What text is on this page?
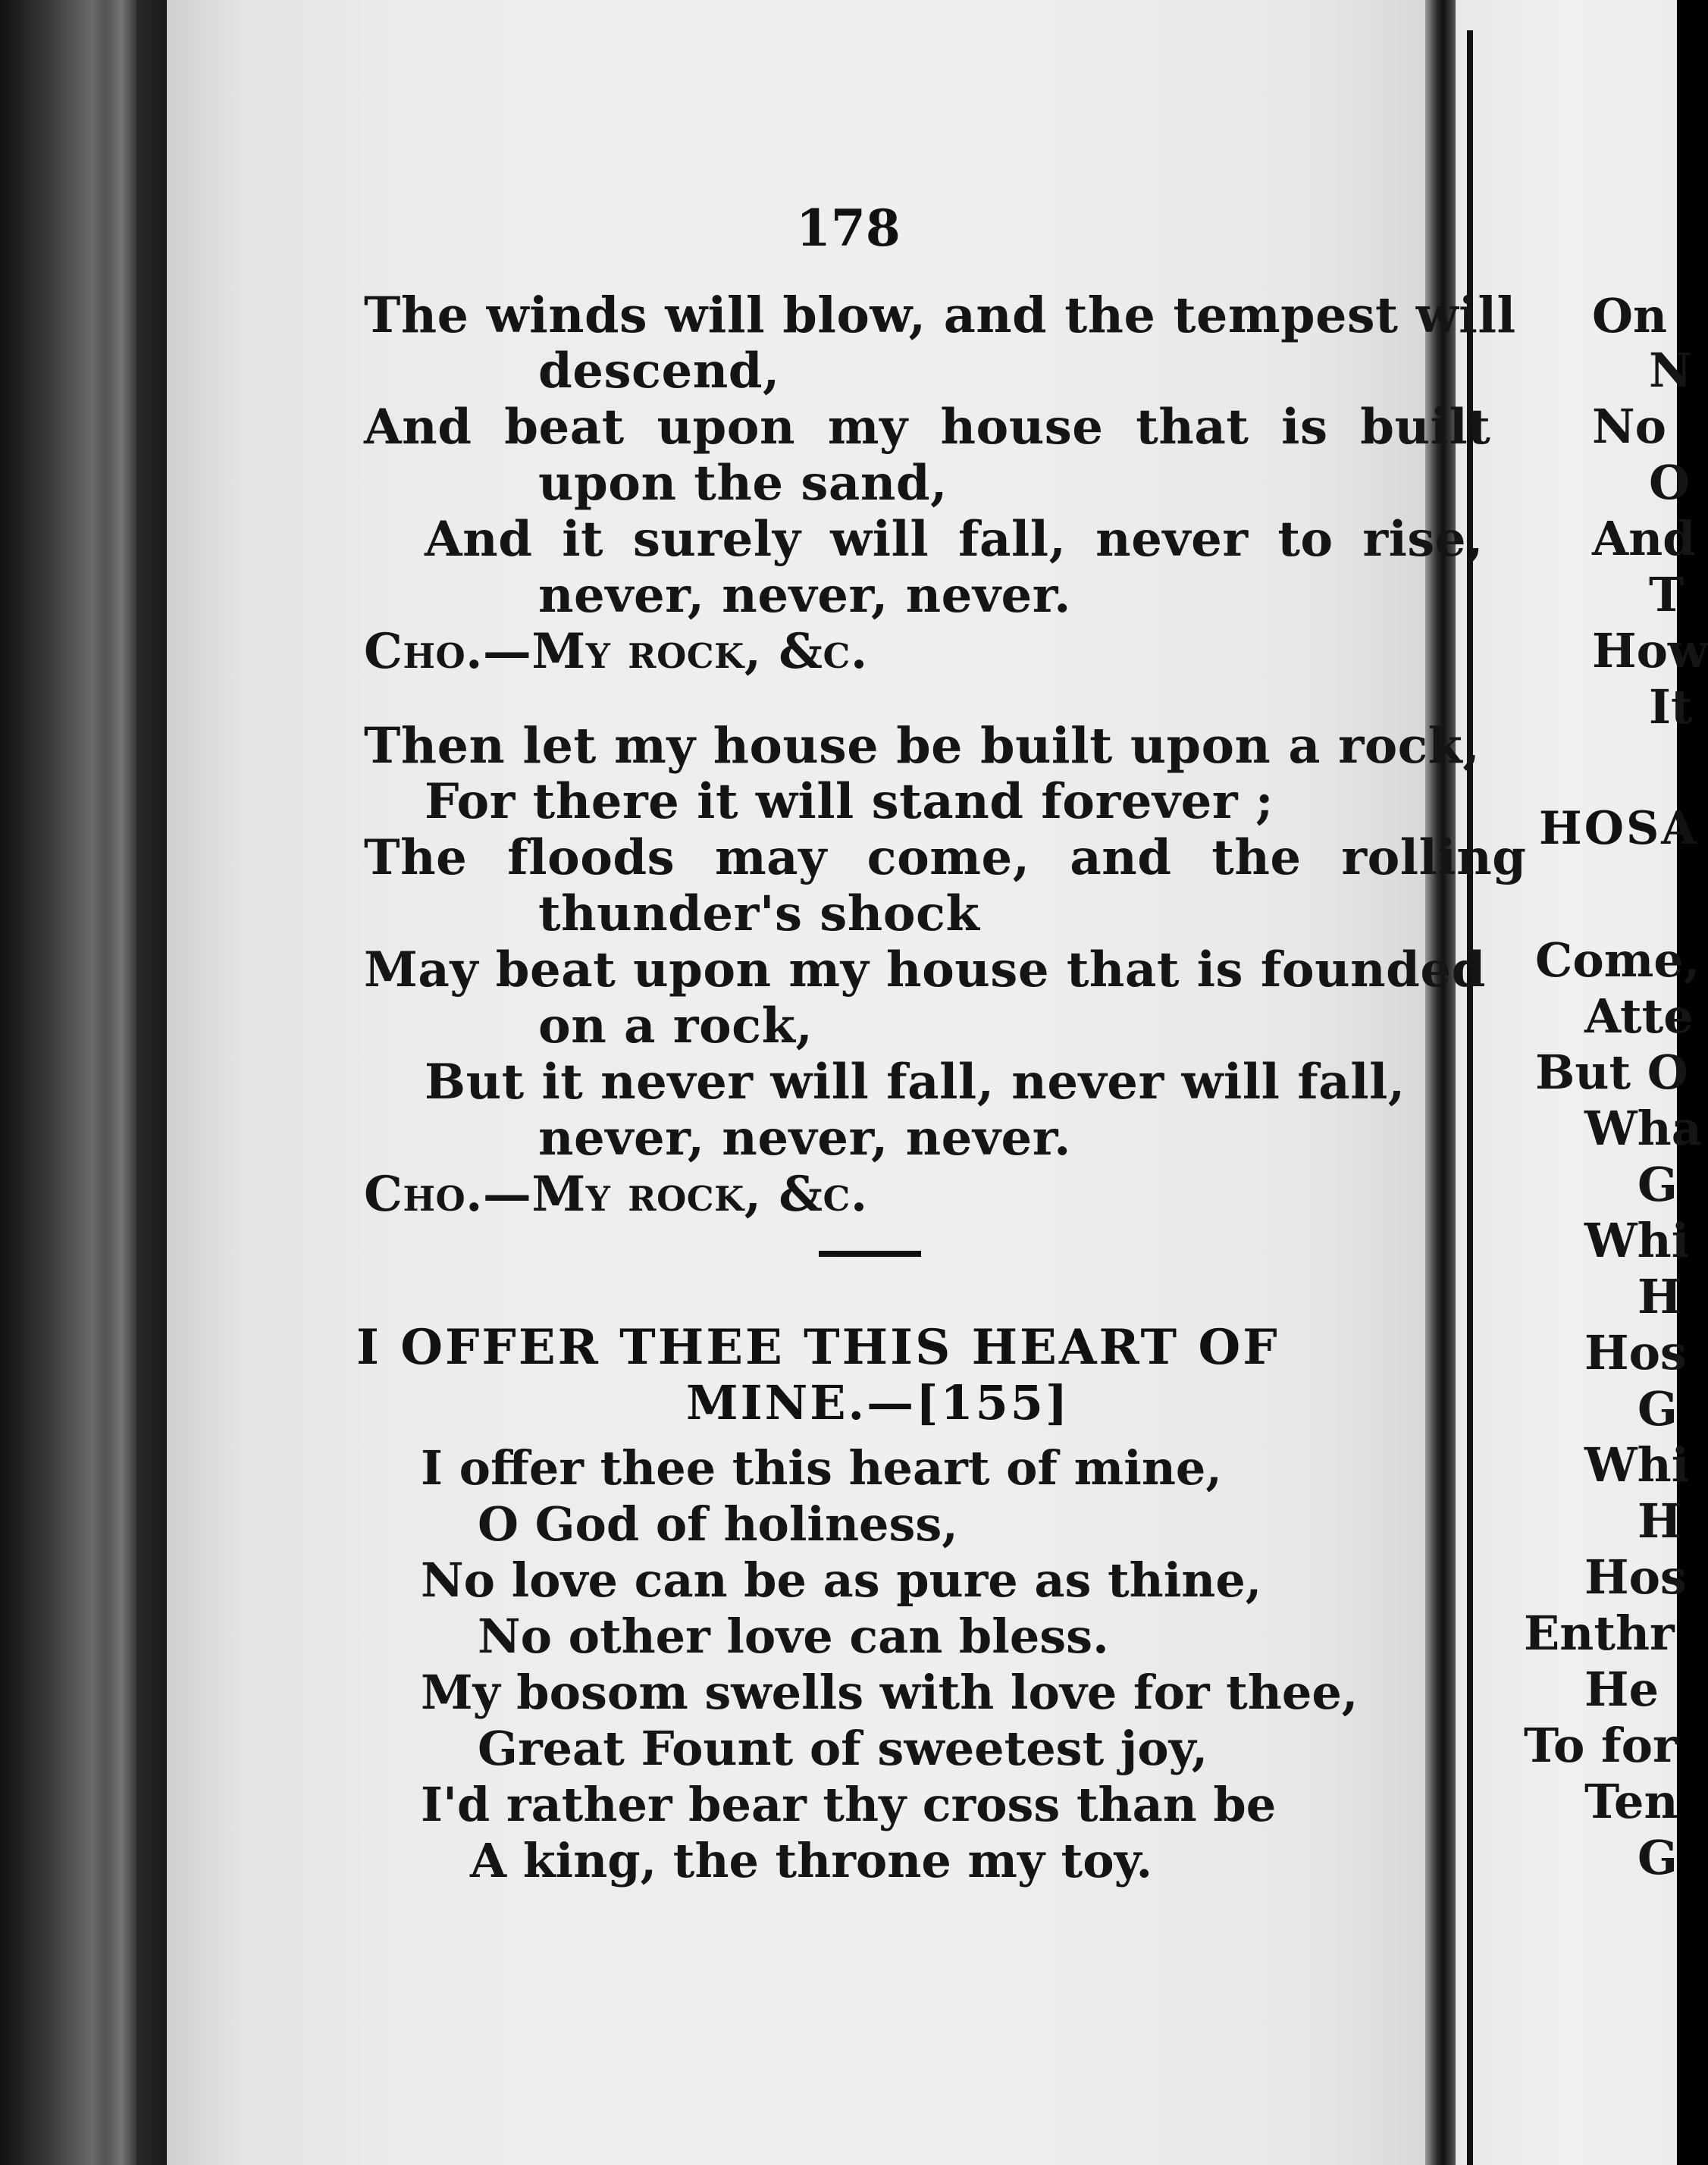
178
The winds will blow, and the tempest will
descend,
And beat upon my house that is built
upon the sand,
And it surely will fall, never to rise,
never, never, never.
Cho.—My rock, &c.
Then let my house be built upon a rock,
For there it will stand forever ;
The floods may come, and the rolling
thunder's shock
May beat upon my house that is founded
on a rock,
But it never will fall, never will fall,
never, never, never.
Cho.—My rock, &c.
I OFFER THEE THIS HEART OF
MINE.—[155]
I offer thee this heart of mine,
O God of holiness,
No love can be as pure as thine,
No other love can bless.
My bosom swells with love for thee,
Great Fount of sweetest joy,
I'd rather bear thy cross than be
A king, the throne my toy.
On
N
No
O
And
T
How
It
HOSA
Come,
Atte
But O
Wha
G
Whi
H
Hos
G
Whi
H
Hos
Enthr
He
To for
Ten
G
